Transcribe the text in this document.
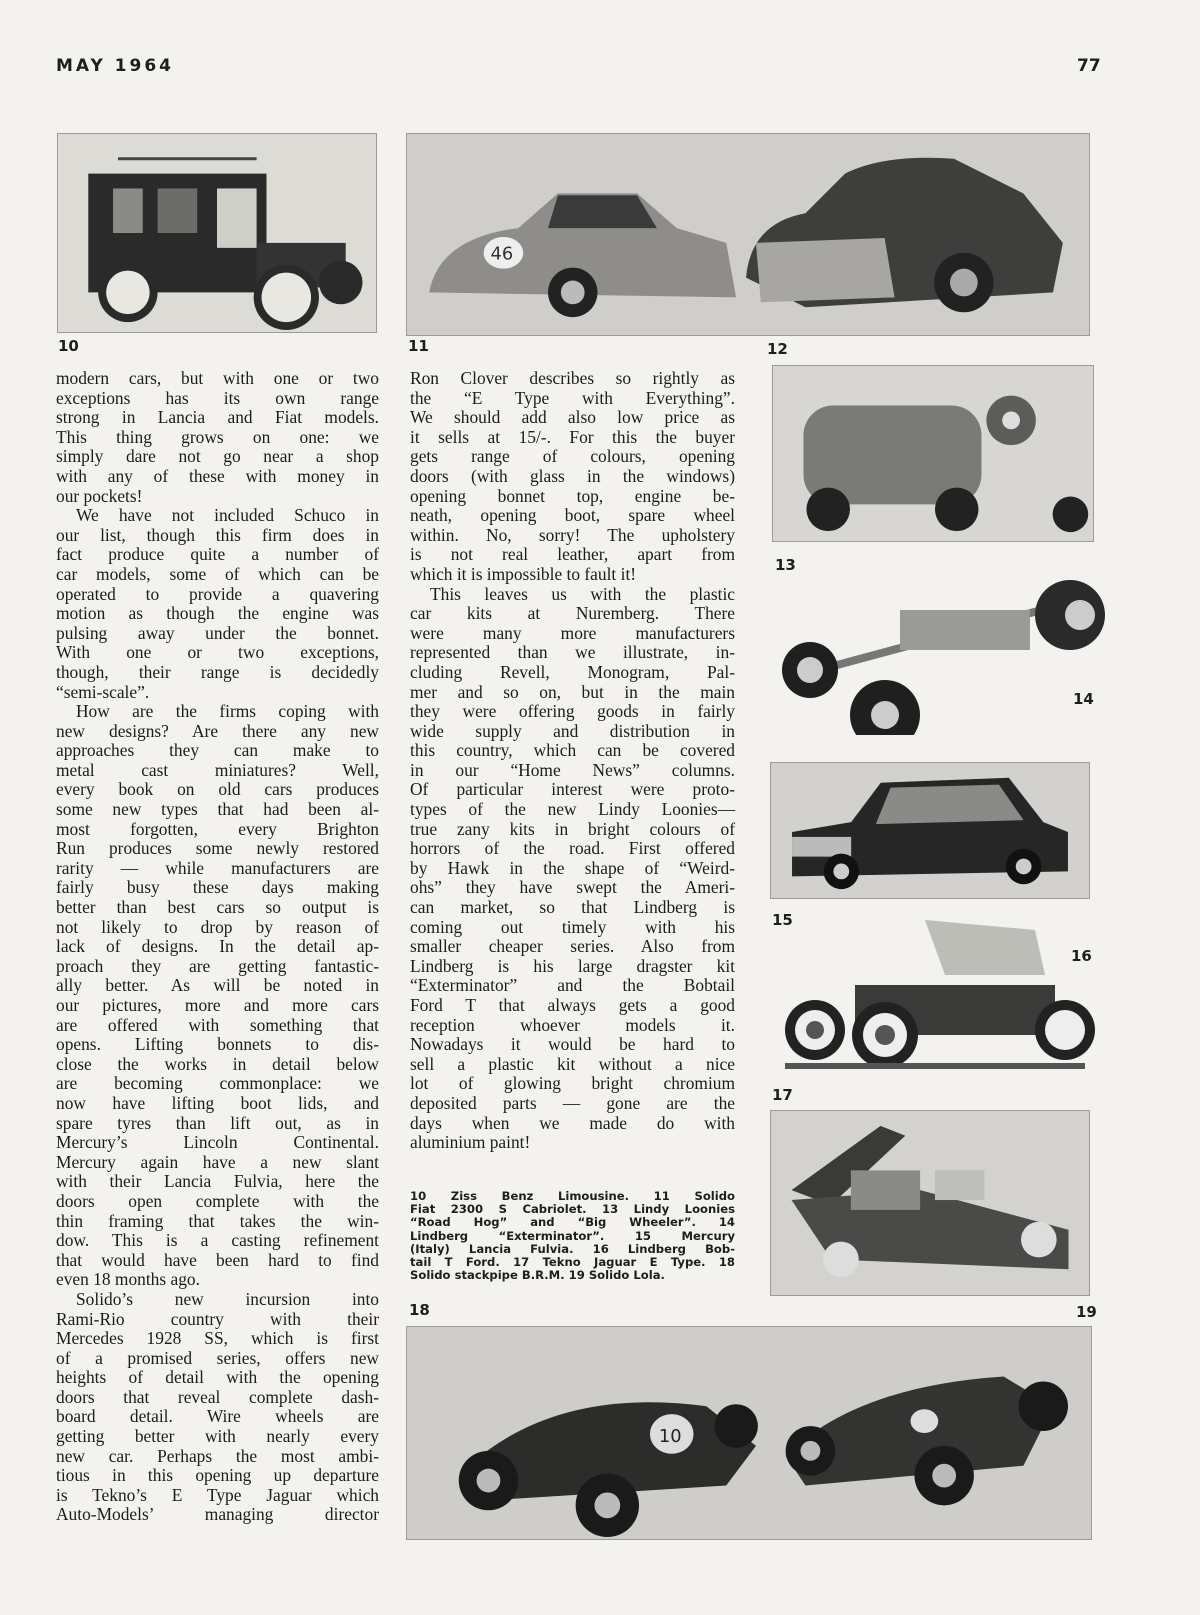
MAY 1964	77
10
46
11	12
13
14
15
16
17
18	19
10
modern cars, but with one or two
exceptions has its own range
strong in Lancia and Fiat models.
This thing grows on one: we
simply dare not go near a shop
with any of these with money in
our pockets!
We have not included Schuco in
our list, though this firm does in
fact produce quite a number of
car models, some of which can be
operated to provide a quavering
motion as though the engine was
pulsing away under the bonnet.
With one or two exceptions,
though, their range is decidedly
“semi-scale”.
How are the firms coping with
new designs? Are there any new
approaches they can make to
metal cast miniatures? Well,
every book on old cars produces
some new types that had been al-
most forgotten, every Brighton
Run produces some newly restored
rarity — while manufacturers are
fairly busy these days making
better than best cars so output is
not likely to drop by reason of
lack of designs. In the detail ap-
proach they are getting fantastic-
ally better. As will be noted in
our pictures, more and more cars
are offered with something that
opens. Lifting bonnets to dis-
close the works in detail below
are becoming commonplace: we
now have lifting boot lids, and
spare tyres than lift out, as in
Mercury’s Lincoln Continental.
Mercury again have a new slant
with their Lancia Fulvia, here the
doors open complete with the
thin framing that takes the win-
dow. This is a casting refinement
that would have been hard to find
even 18 months ago.
Solido’s new incursion into
Rami-Rio country with their
Mercedes 1928 SS, which is first
of a promised series, offers new
heights of detail with the opening
doors that reveal complete dash-
board detail. Wire wheels are
getting better with nearly every
new car. Perhaps the most ambi-
tious in this opening up departure
is Tekno’s E Type Jaguar which
Auto-Models’ managing director
Ron Clover describes so rightly as
the “E Type with Everything”.
We should add also low price as
it sells at 15/-. For this the buyer
gets range of colours, opening
doors (with glass in the windows)
opening bonnet top, engine be-
neath, opening boot, spare wheel
within. No, sorry! The upholstery
is not real leather, apart from
which it is impossible to fault it!
This leaves us with the plastic
car kits at Nuremberg. There
were many more manufacturers
represented than we illustrate, in-
cluding Revell, Monogram, Pal-
mer and so on, but in the main
they were offering goods in fairly
wide supply and distribution in
this country, which can be covered
in our “Home News” columns.
Of particular interest were proto-
types of the new Lindy Loonies—
true zany kits in bright colours of
horrors of the road. First offered
by Hawk in the shape of “Weird-
ohs” they have swept the Ameri-
can market, so that Lindberg is
coming out timely with his
smaller cheaper series. Also from
Lindberg is his large dragster kit
“Exterminator” and the Bobtail
Ford T that always gets a good
reception whoever models it.
Nowadays it would be hard to
sell a plastic kit without a nice
lot of glowing bright chromium
deposited parts — gone are the
days when we made do with
aluminium paint!
10 Ziss Benz Limousine. 11 Solido
Fiat 2300 S Cabriolet. 13 Lindy Loonies
“Road Hog” and “Big Wheeler”. 14
Lindberg “Exterminator”. 15 Mercury
(Italy) Lancia Fulvia. 16 Lindberg Bob-
tail T Ford. 17 Tekno Jaguar E Type. 18
Solido stackpipe B.R.M. 19 Solido Lola.
